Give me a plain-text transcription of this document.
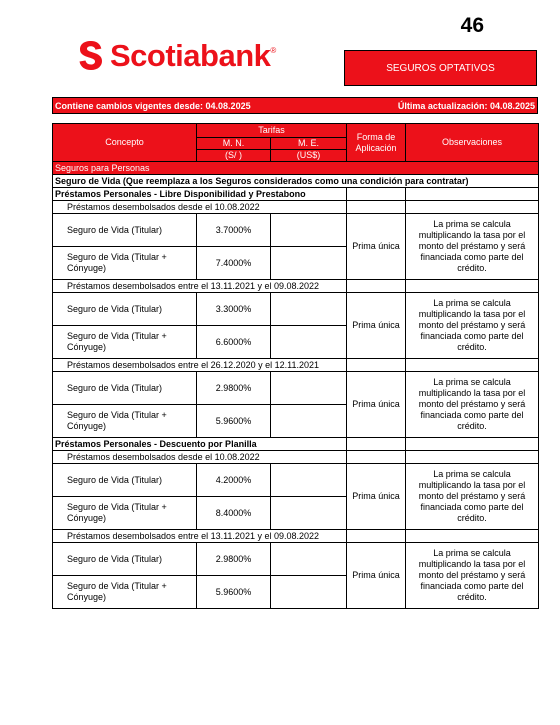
46
Scotiabank ®
SEGUROS OPTATIVOS
Contiene cambios vigentes desde: 04.08.2025	Última actualización: 04.08.2025
Concepto	Tarifas		Forma de Aplicación	Observaciones
	M. N.	M. E.		
	(S/ )	(US$)		
Seguros para Personas				
Seguro de Vida (Que reemplaza a los Seguros considerados como una condición para contratar)				
Préstamos Personales - Libre Disponibilidad y Prestabono				
Préstamos desembolsados desde el 10.08.2022				
Seguro de Vida (Titular)	3.7000%		Prima única	La prima se calcula multiplicando la tasa por el monto del préstamo y será financiada como parte del crédito.
Seguro de Vida (Titular + Cónyuge)	7.4000%			
Préstamos desembolsados entre el 13.11.2021 y el 09.08.2022				
Seguro de Vida (Titular)	3.3000%		Prima única	La prima se calcula multiplicando la tasa por el monto del préstamo y será financiada como parte del crédito.
Seguro de Vida (Titular + Cónyuge)	6.6000%			
Préstamos desembolsados entre el 26.12.2020 y el 12.11.2021				
Seguro de Vida (Titular)	2.9800%		Prima única	La prima se calcula multiplicando la tasa por el monto del préstamo y será financiada como parte del crédito.
Seguro de Vida (Titular + Cónyuge)	5.9600%			
Préstamos Personales - Descuento por Planilla				
Préstamos desembolsados desde el 10.08.2022				
Seguro de Vida (Titular)	4.2000%		Prima única	La prima se calcula multiplicando la tasa por el monto del préstamo y será financiada como parte del crédito.
Seguro de Vida (Titular + Cónyuge)	8.4000%			
Préstamos desembolsados entre el 13.11.2021 y el 09.08.2022				
Seguro de Vida (Titular)	2.9800%		Prima única	La prima se calcula multiplicando la tasa por el monto del préstamo y será financiada como parte del crédito.
Seguro de Vida (Titular + Cónyuge)	5.9600%			
